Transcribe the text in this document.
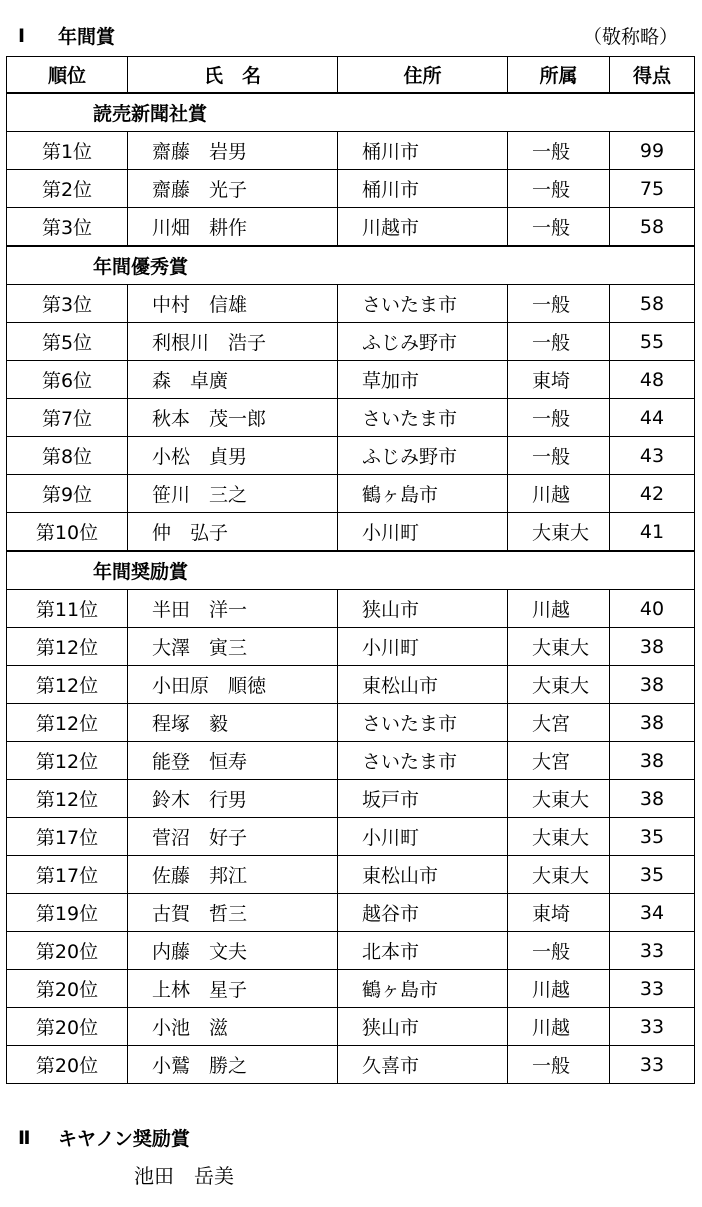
Ⅰ	年間賞	（敬称略）
順位	氏　名	住所	所属	得点
読売新聞社賞				
第1位	齋藤　岩男	桶川市	一般	99
第2位	齋藤　光子	桶川市	一般	75
第3位	川畑　耕作	川越市	一般	58
年間優秀賞				
第3位	中村　信雄	さいたま市	一般	58
第5位	利根川　浩子	ふじみ野市	一般	55
第6位	森　卓廣	草加市	東埼	48
第7位	秋本　茂一郎	さいたま市	一般	44
第8位	小松　貞男	ふじみ野市	一般	43
第9位	笹川　三之	鶴ヶ島市	川越	42
第10位	仲　弘子	小川町	大東大	41
年間奨励賞				
第11位	半田　洋一	狭山市	川越	40
第12位	大澤　寅三	小川町	大東大	38
第12位	小田原　順徳	東松山市	大東大	38
第12位	程塚　毅	さいたま市	大宮	38
第12位	能登　恒寿	さいたま市	大宮	38
第12位	鈴木　行男	坂戸市	大東大	38
第17位	菅沼　好子	小川町	大東大	35
第17位	佐藤　邦江	東松山市	大東大	35
第19位	古賀　哲三	越谷市	東埼	34
第20位	内藤　文夫	北本市	一般	33
第20位	上林　星子	鶴ヶ島市	川越	33
第20位	小池　滋	狭山市	川越	33
第20位	小鷲　勝之	久喜市	一般	33
Ⅱ	キヤノン奨励賞
池田　岳美
